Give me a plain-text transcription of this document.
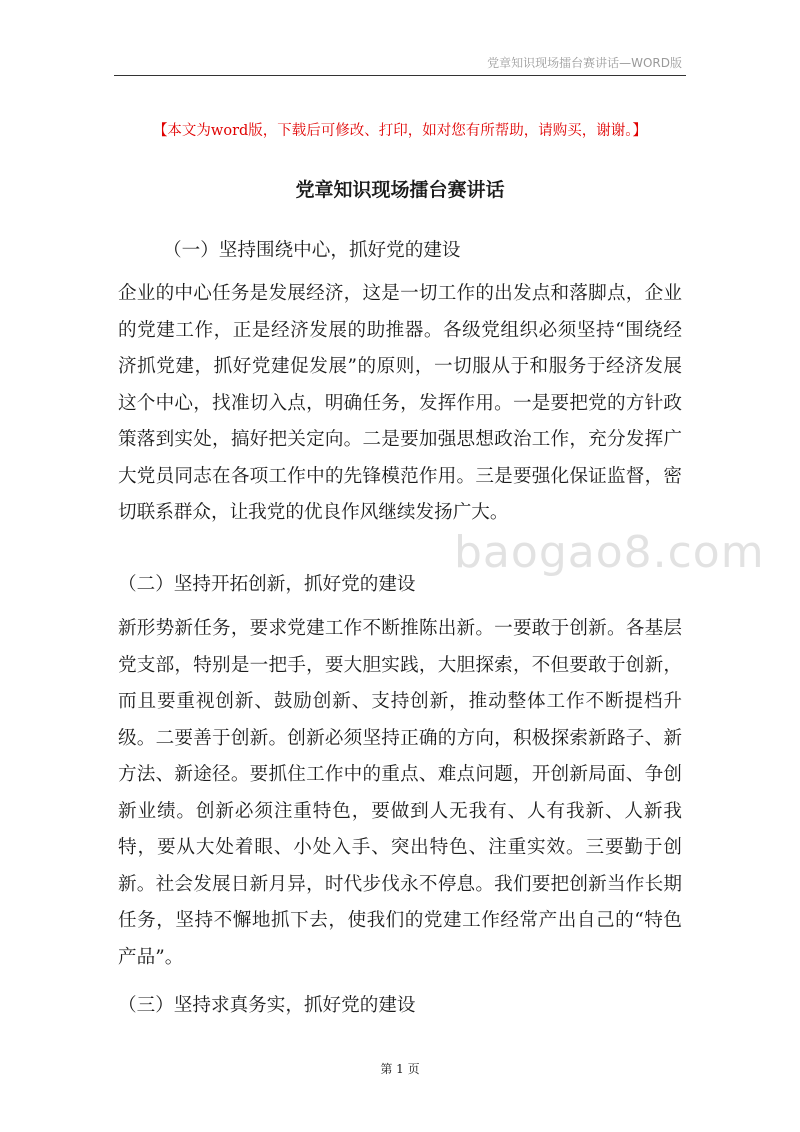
党章知识现场擂台赛讲话—WORD版
【本文为word版，下载后可修改、打印，如对您有所帮助，请购买，谢谢。】
党章知识现场擂台赛讲话
（一）坚持围绕中心，抓好党的建设
企业的中心任务是发展经济，这是一切工作的出发点和落脚点，企业的党建工作，正是经济发展的助推器。各级党组织必须坚持“围绕经济抓党建，抓好党建促发展”的原则，一切服从于和服务于经济发展这个中心，找准切入点，明确任务，发挥作用。一是要把党的方针政策落到实处，搞好把关定向。二是要加强思想政治工作，充分发挥广大党员同志在各项工作中的先锋模范作用。三是要强化保证监督，密切联系群众，让我党的优良作风继续发扬广大。
baogao8.com
（二）坚持开拓创新，抓好党的建设
新形势新任务，要求党建工作不断推陈出新。一要敢于创新。各基层党支部，特别是一把手，要大胆实践，大胆探索，不但要敢于创新，而且要重视创新、鼓励创新、支持创新，推动整体工作不断提档升级。二要善于创新。创新必须坚持正确的方向，积极探索新路子、新方法、新途径。要抓住工作中的重点、难点问题，开创新局面、争创新业绩。创新必须注重特色，要做到人无我有、人有我新、人新我特，要从大处着眼、小处入手、突出特色、注重实效。三要勤于创新。社会发展日新月异，时代步伐永不停息。我们要把创新当作长期任务，坚持不懈地抓下去，使我们的党建工作经常产出自己的“特色产品”。
（三）坚持求真务实，抓好党的建设
第 1 页
